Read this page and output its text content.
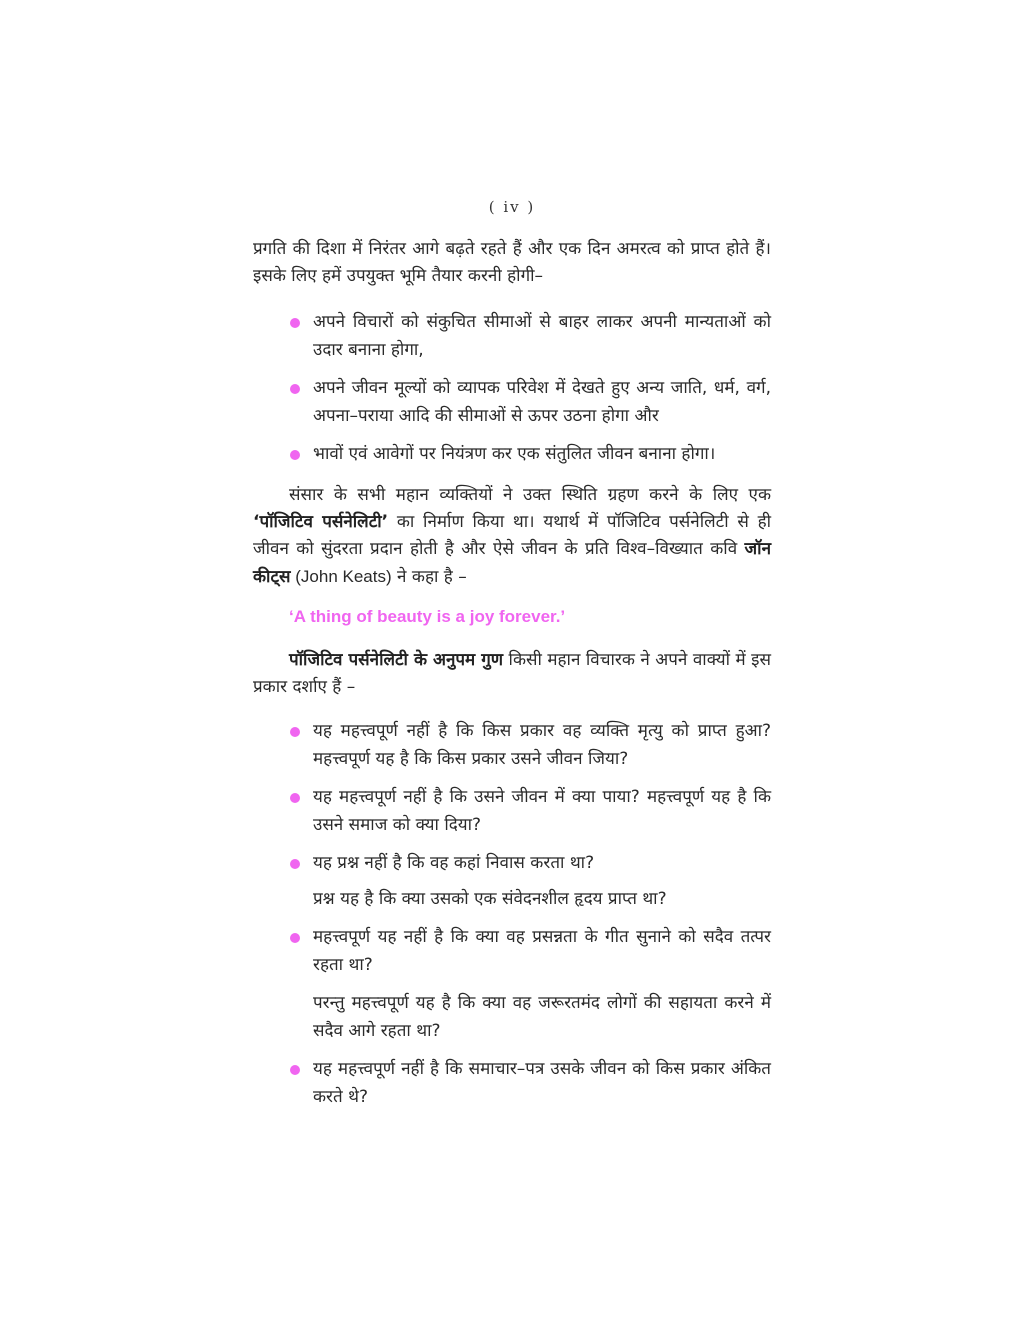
( iv )

प्रगति की दिशा में निरंतर आगे बढ़ते रहते हैं और एक दिन अमरत्व को प्राप्त होते हैं। इसके लिए हमें उपयुक्त भूमि तैयार करनी होगी–

अपने विचारों को संकुचित सीमाओं से बाहर लाकर अपनी मान्यताओं को उदार बनाना होगा,
अपने जीवन मूल्यों को व्यापक परिवेश में देखते हुए अन्य जाति, धर्म, वर्ग, अपना–पराया आदि की सीमाओं से ऊपर उठना होगा और
भावों एवं आवेगों पर नियंत्रण कर एक संतुलित जीवन बनाना होगा।

संसार के सभी महान व्यक्तियों ने उक्त स्थिति ग्रहण करने के लिए एक ‘पॉजिटिव पर्सनेलिटी’ का निर्माण किया था। यथार्थ में पॉजिटिव पर्सनेलिटी से ही जीवन को सुंदरता प्रदान होती है और ऐसे जीवन के प्रति विश्व–विख्यात कवि जॉन कीट्स (John Keats) ने कहा है –

‘A thing of beauty is a joy forever.’

पॉजिटिव पर्सनेलिटी के अनुपम गुण किसी महान विचारक ने अपने वाक्यों में इस प्रकार दर्शाए हैं –

यह महत्त्वपूर्ण नहीं है कि किस प्रकार वह व्यक्ति मृत्यु को प्राप्त हुआ? महत्त्वपूर्ण यह है कि किस प्रकार उसने जीवन जिया?
यह महत्त्वपूर्ण नहीं है कि उसने जीवन में क्या पाया? महत्त्वपूर्ण यह है कि उसने समाज को क्या दिया?
यह प्रश्न नहीं है कि वह कहां निवास करता था?
प्रश्न यह है कि क्या उसको एक संवेदनशील हृदय प्राप्त था?
महत्त्वपूर्ण यह नहीं है कि क्या वह प्रसन्नता के गीत सुनाने को सदैव तत्पर रहता था?
परन्तु महत्त्वपूर्ण यह है कि क्या वह जरूरतमंद लोगों की सहायता करने में सदैव आगे रहता था?
यह महत्त्वपूर्ण नहीं है कि समाचार–पत्र उसके जीवन को किस प्रकार अंकित करते थे?
